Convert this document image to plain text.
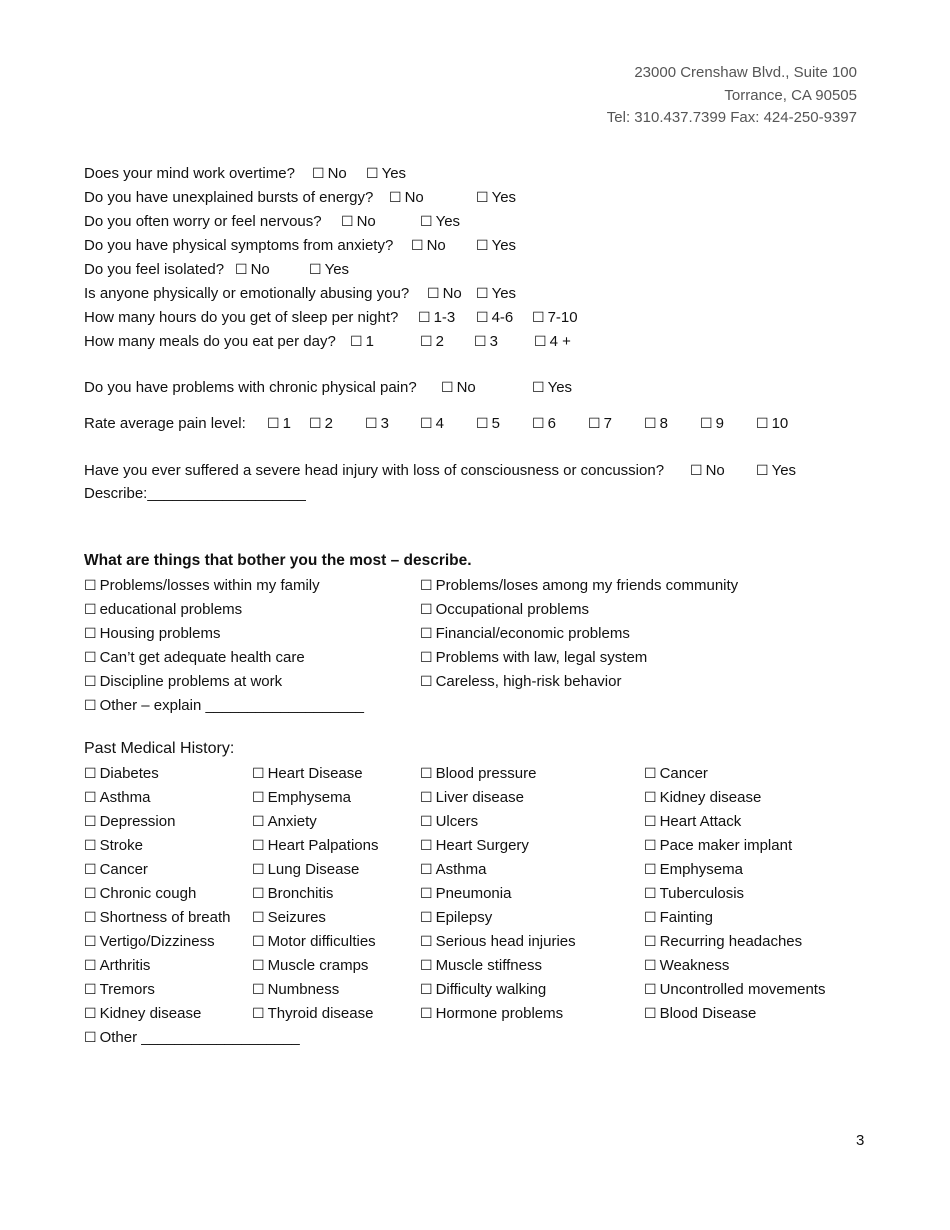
23000 Crenshaw Blvd., Suite 100
Torrance, CA 90505
Tel: 310.437.7399 Fax: 424-250-9397
Does your mind work overtime? ☐ No ☐ Yes
Do you have unexplained bursts of energy? ☐ No	☐ Yes
Do you often worry or feel nervous? ☐ No	☐ Yes
Do you have physical symptoms from anxiety? ☐ No ☐ Yes
Do you feel isolated? ☐ No	☐ Yes
Is anyone physically or emotionally abusing you? ☐ No ☐ Yes
How many hours do you get of sleep per night? ☐ 1-3 ☐ 4-6 ☐ 7-10
How many meals do you eat per day? ☐ 1	☐ 2 ☐ 3	☐ 4 +
Do you have problems with chronic physical pain? ☐ No	☐ Yes
Rate average pain level: ☐ 1 ☐ 2 ☐ 3 ☐ 4 ☐ 5 ☐ 6 ☐ 7 ☐ 8 ☐ 9 ☐ 10
Have you ever suffered a severe head injury with loss of consciousness or concussion? ☐ No ☐ Yes
Describe:___________________
What are things that bother you the most – describe.
☐ Problems/losses within my family	☐ Problems/loses among my friends community
☐ educational problems	☐ Occupational problems
☐ Housing problems	☐ Financial/economic problems
☐ Can’t get adequate health care	☐ Problems with law, legal system
☐ Discipline problems at work	☐ Careless, high-risk behavior
☐ Other – explain ___________________
Past Medical History:
☐ Diabetes	☐ Heart Disease	☐ Blood pressure	☐ Cancer
☐ Asthma	☐ Emphysema	☐ Liver disease	☐ Kidney disease
☐ Depression	☐ Anxiety	☐ Ulcers	☐ Heart Attack
☐ Stroke	☐ Heart Palpations	☐ Heart Surgery	☐ Pace maker implant
☐ Cancer	☐ Lung Disease	☐ Asthma	☐ Emphysema
☐ Chronic cough	☐ Bronchitis	☐ Pneumonia	☐ Tuberculosis
☐ Shortness of breath ☐ Seizures	☐ Epilepsy	☐ Fainting
☐ Vertigo/Dizziness	☐ Motor difficulties	☐ Serious head injuries	☐ Recurring headaches
☐ Arthritis	☐ Muscle cramps	☐ Muscle stiffness	☐ Weakness
☐ Tremors	☐ Numbness	☐ Difficulty walking	☐ Uncontrolled movements
☐ Kidney disease	☐ Thyroid disease	☐ Hormone problems	☐ Blood Disease
☐ Other ___________________
3
